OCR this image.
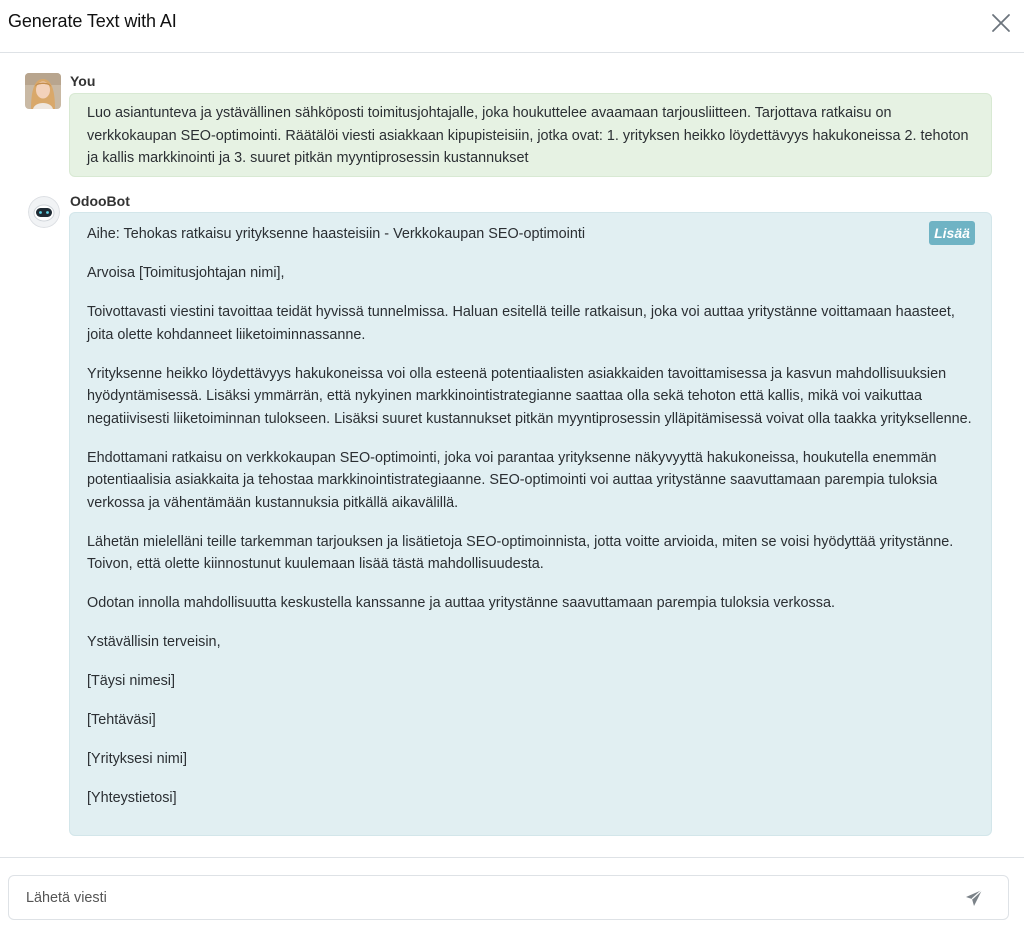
Generate Text with AI
You
Luo asiantunteva ja ystävällinen sähköposti toimitusjohtajalle, joka houkuttelee avaamaan tarjousliitteen. Tarjottava ratkaisu on verkkokaupan SEO-optimointi. Räätälöi viesti asiakkaan kipupisteisiin, jotka ovat: 1. yrityksen heikko löydettävyys hakukoneissa 2. tehoton ja kallis markkinointi ja 3. suuret pitkän myyntiprosessin kustannukset
OdooBot

Aihe: Tehokas ratkaisu yrityksenne haasteisiin - Verkkokaupan SEO-optimointi

Arvoisa [Toimitusjohtajan nimi],

Toivottavasti viestini tavoittaa teidät hyvissä tunnelmissa. Haluan esitellä teille ratkaisun, joka voi auttaa yritystänne voittamaan haasteet, joita olette kohdanneet liiketoiminnassanne.

Yrityksenne heikko löydettävyys hakukoneissa voi olla esteenä potentiaalisten asiakkaiden tavoittamisessa ja kasvun mahdollisuuksien hyödyntämisessä. Lisäksi ymmärrän, että nykyinen markkinointistrategianne saattaa olla sekä tehoton että kallis, mikä voi vaikuttaa negatiivisesti liiketoiminnan tulokseen. Lisäksi suuret kustannukset pitkän myyntiprosessin ylläpitämisessä voivat olla taakka yrityksellenne.

Ehdottamani ratkaisu on verkkokaupan SEO-optimointi, joka voi parantaa yrityksenne näkyvyyttä hakukoneissa, houkutella enemmän potentiaalisia asiakkaita ja tehostaa markkinointistrategiaanne. SEO-optimointi voi auttaa yritystänne saavuttamaan parempia tuloksia verkossa ja vähentämään kustannuksia pitkällä aikavälillä.

Lähetän mielelläni teille tarkemman tarjouksen ja lisätietoja SEO-optimoinnista, jotta voitte arvioida, miten se voisi hyödyttää yritystänne. Toivon, että olette kiinnostunut kuulemaan lisää tästä mahdollisuudesta.

Odotan innolla mahdollisuutta keskustella kanssanne ja auttaa yritystänne saavuttamaan parempia tuloksia verkossa.

Ystävällisin terveisin,

[Täysi nimesi]

[Tehtäväsi]

[Yrityksesi nimi]

[Yhteystietosi]

Lisää
Lähetä viesti
